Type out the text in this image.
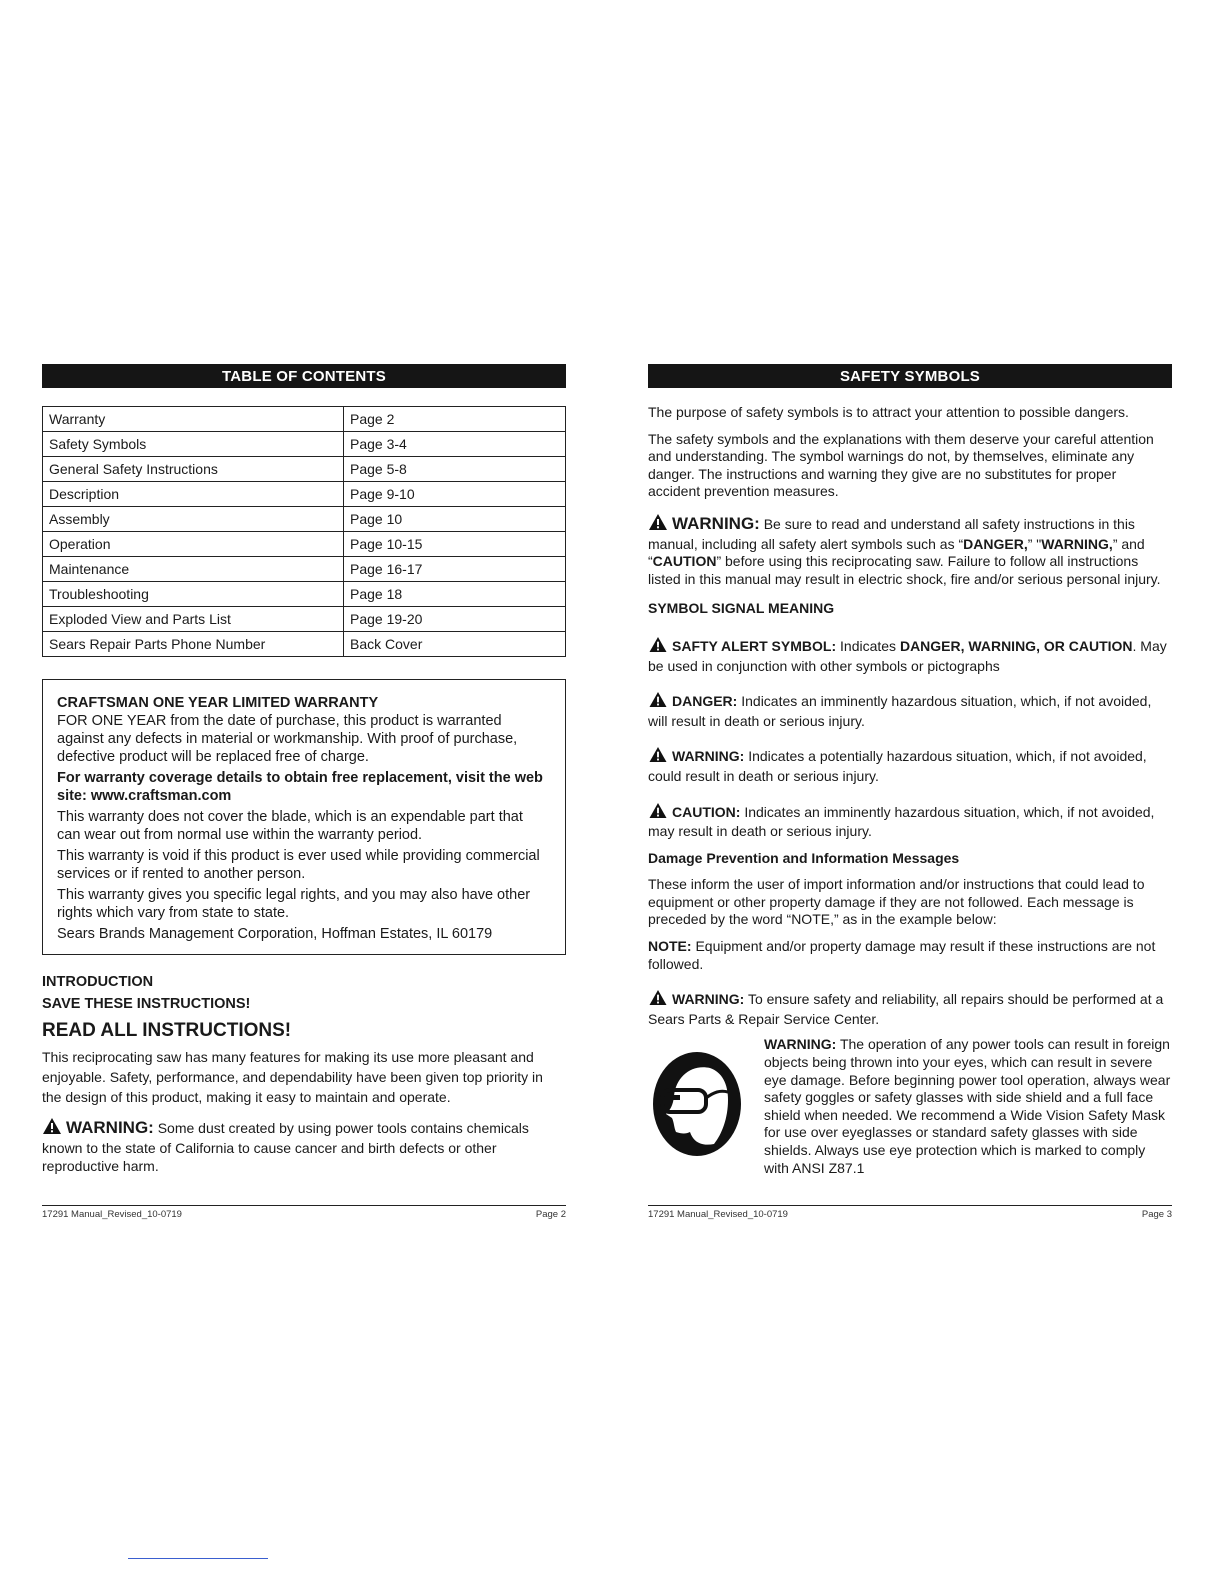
TABLE OF CONTENTS
Warranty	Page 2
Safety Symbols	Page 3-4
General Safety Instructions	Page 5-8
Description	Page 9-10
Assembly	Page 10
Operation	Page 10-15
Maintenance	Page 16-17
Troubleshooting	Page 18
Exploded View and Parts List	Page 19-20
Sears Repair Parts Phone Number	Back Cover

CRAFTSMAN ONE YEAR LIMITED WARRANTY

FOR ONE YEAR from the date of purchase, this product is warranted against any defects in material or workmanship. With proof of purchase, defective product will be replaced free of charge.

For warranty coverage details to obtain free replacement, visit the web site: www.craftsman.com

This warranty does not cover the blade, which is an expendable part that can wear out from normal use within the warranty period.

This warranty is void if this product is ever used while providing commercial services or if rented to another person.

This warranty gives you specific legal rights, and you may also have other rights which vary from state to state.

Sears Brands Management Corporation, Hoffman Estates, IL 60179

INTRODUCTION
SAVE THESE INSTRUCTIONS!
READ ALL INSTRUCTIONS!
This reciprocating saw has many features for making its use more pleasant and enjoyable. Safety, performance, and dependability have been given top priority in the design of this product, making it easy to maintain and operate.
WARNING: Some dust created by using power tools contains chemicals known to the state of California to cause cancer and birth defects or other reproductive harm.
17291 Manual_Revised_10-0719	Page 2
SAFETY SYMBOLS

The purpose of safety symbols is to attract your attention to possible dangers.

The safety symbols and the explanations with them deserve your careful attention and understanding. The symbol warnings do not, by themselves, eliminate any danger. The instructions and warning they give are no substitutes for proper accident prevention measures.

WARNING: Be sure to read and understand all safety instructions in this manual, including all safety alert symbols such as “DANGER,” "WARNING,” and “CAUTION” before using this reciprocating saw. Failure to follow all instructions listed in this manual may result in electric shock, fire and/or serious personal injury.

SYMBOL SIGNAL MEANING

SAFTY ALERT SYMBOL: Indicates DANGER, WARNING, OR CAUTION. May be used in conjunction with other symbols or pictographs

DANGER: Indicates an imminently hazardous situation, which, if not avoided, will result in death or serious injury.

WARNING: Indicates a potentially hazardous situation, which, if not avoided, could result in death or serious injury.

CAUTION: Indicates an imminently hazardous situation, which, if not avoided, may result in death or serious injury.

Damage Prevention and Information Messages

These inform the user of import information and/or instructions that could lead to equipment or other property damage if they are not followed. Each message is preceded by the word “NOTE,” as in the example below:

NOTE: Equipment and/or property damage may result if these instructions are not followed.

WARNING: To ensure safety and reliability, all repairs should be performed at a Sears Parts & Repair Service Center.

WARNING: The operation of any power tools can result in foreign objects being thrown into your eyes, which can result in severe eye damage. Before beginning power tool operation, always wear safety goggles or safety glasses with side shield and a full face shield when needed. We recommend a Wide Vision Safety Mask for use over eyeglasses or standard safety glasses with side shields. Always use eye protection which is marked to comply with ANSI Z87.1
17291 Manual_Revised_10-0719	Page 3
